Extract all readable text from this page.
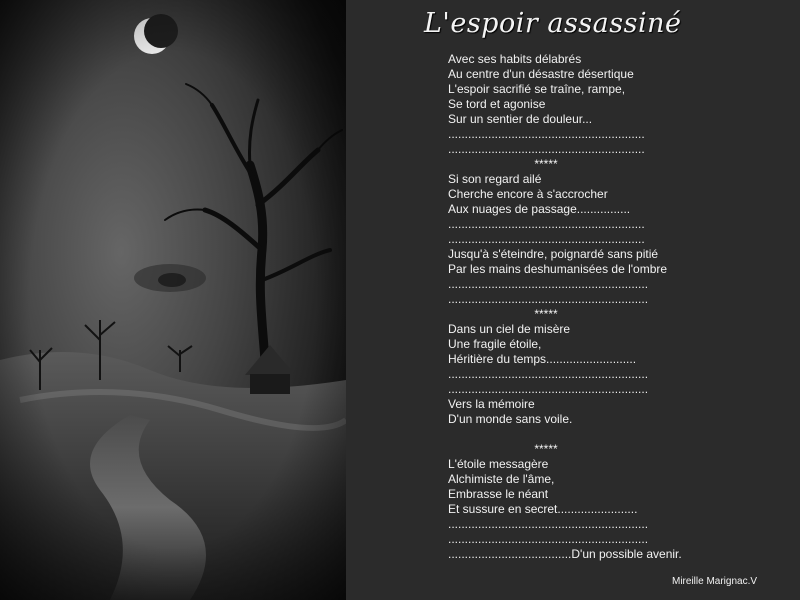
L'espoir assassiné
Avec ses habits délabrés
Au centre d'un désastre désertique
L'espoir sacrifié se traîne, rampe,
Se tord et agonise
Sur un sentier de douleur...
...........................................................
...........................................................
*****
Si son regard ailé
Cherche encore à s'accrocher
Aux nuages de passage................
...........................................................
...........................................................
Jusqu'à s'éteindre, poignardé sans pitié
Par les mains deshumanisées de l'ombre
............................................................
............................................................
*****
Dans un ciel de misère
Une fragile étoile,
Héritière du temps...........................
............................................................
............................................................
Vers la mémoire
D'un monde sans voile.
*****
L'étoile messagère
Alchimiste de l'âme,
Embrasse le néant
Et sussure en secret........................
............................................................
............................................................
.....................................D'un possible avenir.
Mireille Marignac.V
